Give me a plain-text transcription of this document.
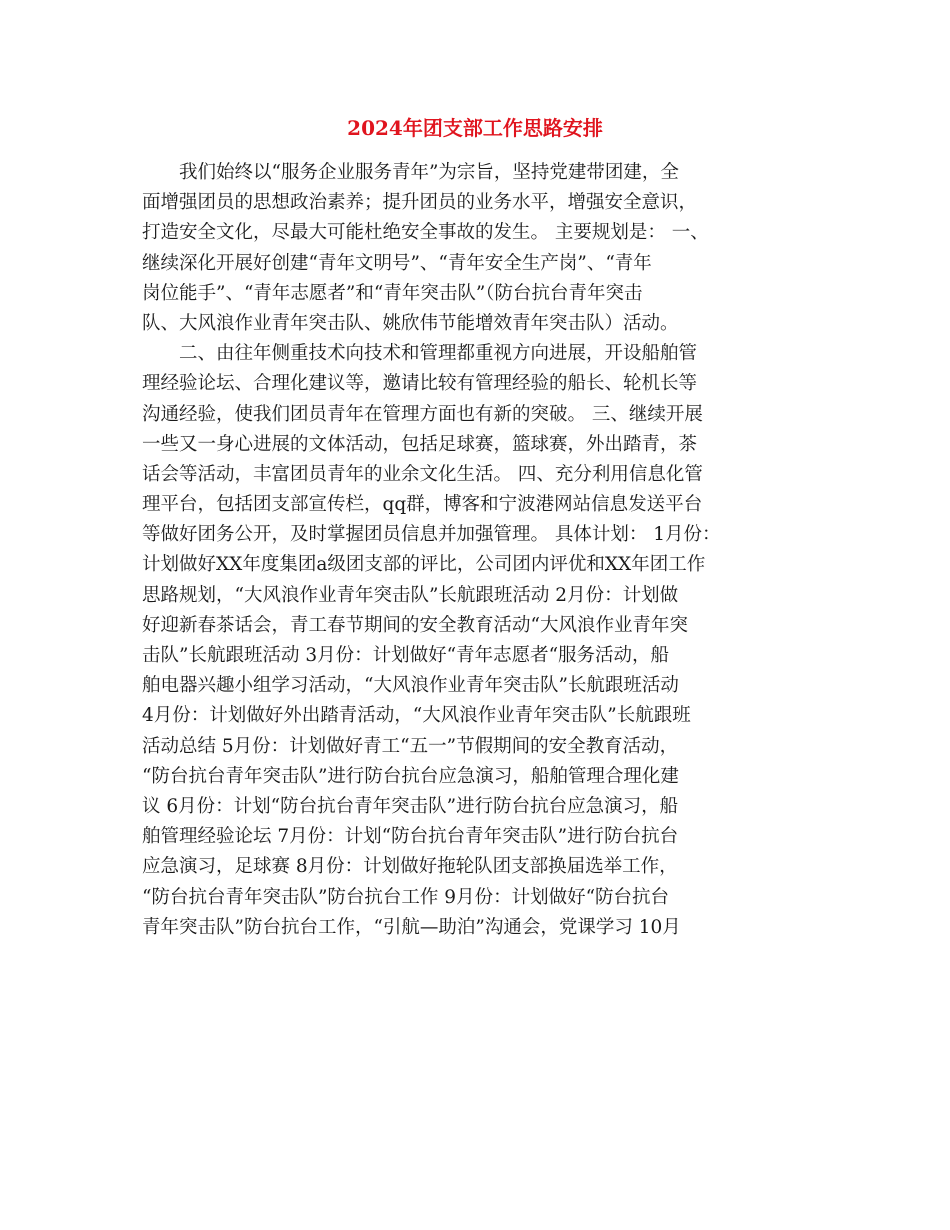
2024年团支部工作思路安排
　　我们始终以“服务企业服务青年”为宗旨，坚持党建带团建，全
面增强团员的思想政治素养；提升团员的业务水平，增强安全意识，
打造安全文化，尽最大可能杜绝安全事故的发生。 主要规划是： 一、
继续深化开展好创建“青年文明号”、“青年安全生产岗”、“青年
岗位能手”、“青年志愿者”和“青年突击队”（防台抗台青年突击
队、大风浪作业青年突击队、姚欣伟节能增效青年突击队）活动。
　　二、由往年侧重技术向技术和管理都重视方向进展，开设船舶管
理经验论坛、合理化建议等，邀请比较有管理经验的船长、轮机长等
沟通经验，使我们团员青年在管理方面也有新的突破。 三、继续开展
一些又一身心进展的文体活动，包括足球赛，篮球赛，外出踏青，茶
话会等活动，丰富团员青年的业余文化生活。 四、充分利用信息化管
理平台，包括团支部宣传栏，qq群，博客和宁波港网站信息发送平台
等做好团务公开，及时掌握团员信息并加强管理。 具体计划： 1月份：
计划做好XX年度集团a级团支部的评比，公司团内评优和XX年团工作
思路规划，“大风浪作业青年突击队”长航跟班活动 2月份：计划做
好迎新春茶话会，青工春节期间的安全教育活动“大风浪作业青年突
击队”长航跟班活动 3月份：计划做好“青年志愿者“服务活动，船
舶电器兴趣小组学习活动，“大风浪作业青年突击队”长航跟班活动
4月份：计划做好外出踏青活动，“大风浪作业青年突击队”长航跟班
活动总结 5月份：计划做好青工“五一”节假期间的安全教育活动，
“防台抗台青年突击队”进行防台抗台应急演习，船舶管理合理化建
议 6月份：计划“防台抗台青年突击队”进行防台抗台应急演习，船
舶管理经验论坛 7月份：计划“防台抗台青年突击队”进行防台抗台
应急演习，足球赛 8月份：计划做好拖轮队团支部换届选举工作，
“防台抗台青年突击队”防台抗台工作 9月份：计划做好“防台抗台
青年突击队”防台抗台工作，“引航—助泊”沟通会，党课学习 10月
